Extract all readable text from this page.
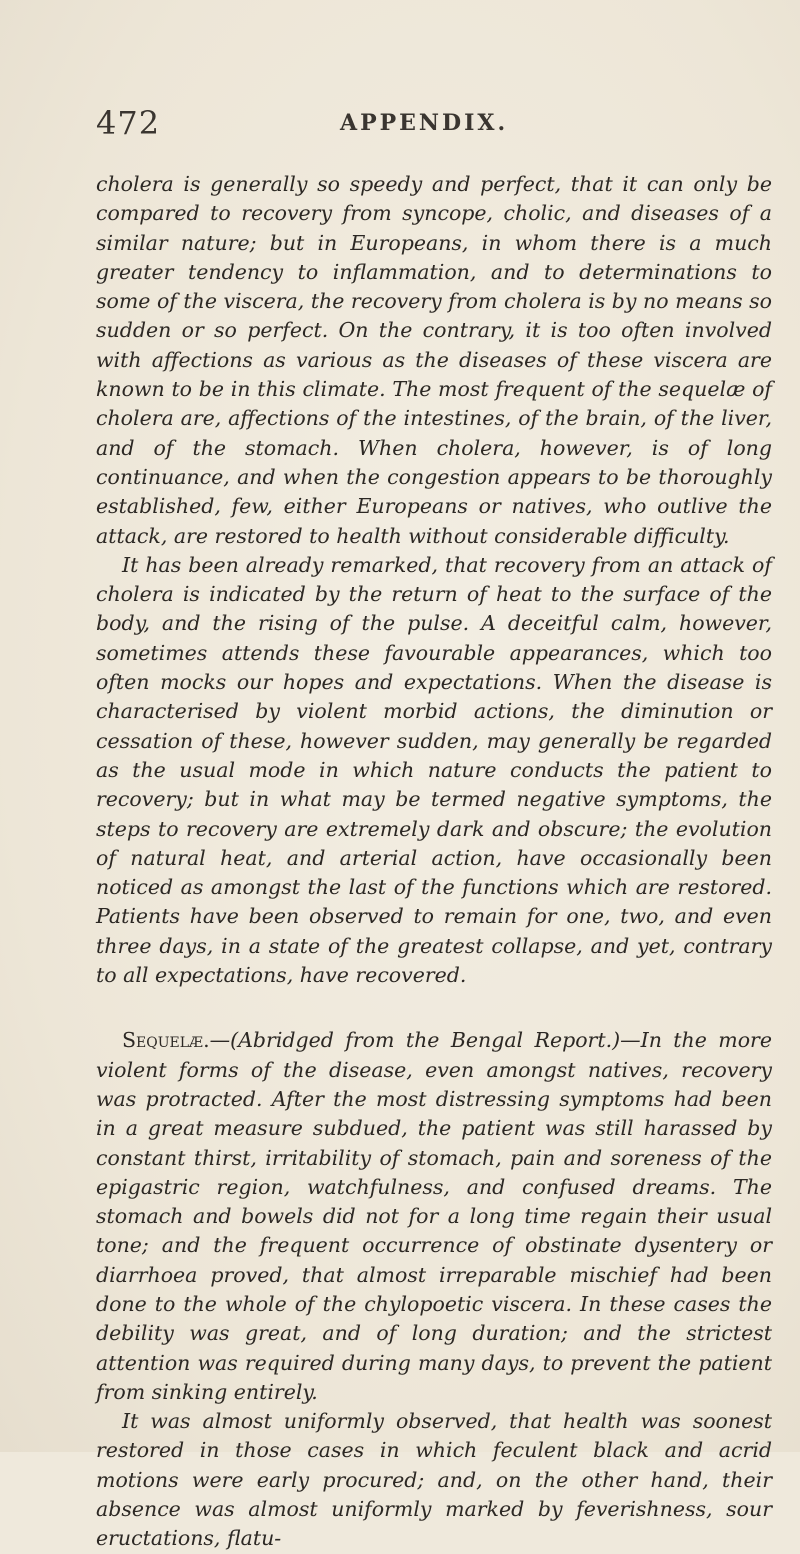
472	APPENDIX.

cholera is generally so speedy and perfect, that it can only be compared to recovery from syncope, cholic, and diseases of a similar nature; but in Europeans, in whom there is a much greater tendency to inflammation, and to determinations to some of the viscera, the recovery from cholera is by no means so sudden or so perfect. On the contrary, it is too often involved with affections as various as the diseases of these viscera are known to be in this climate. The most frequent of the sequelæ of cholera are, affections of the intestines, of the brain, of the liver, and of the stomach. When cholera, however, is of long continuance, and when the congestion appears to be thoroughly established, few, either Europeans or natives, who outlive the attack, are restored to health without considerable difficulty.

It has been already remarked, that recovery from an attack of cholera is indicated by the return of heat to the surface of the body, and the rising of the pulse. A deceitful calm, however, sometimes attends these favourable appearances, which too often mocks our hopes and expectations. When the disease is characterised by violent morbid actions, the diminution or cessation of these, however sudden, may generally be regarded as the usual mode in which nature conducts the patient to recovery; but in what may be termed negative symptoms, the steps to recovery are extremely dark and obscure; the evolution of natural heat, and arterial action, have occasionally been noticed as amongst the last of the functions which are restored. Patients have been observed to remain for one, two, and even three days, in a state of the greatest collapse, and yet, contrary to all expectations, have recovered.

Sequelæ.—(Abridged from the Bengal Report.)—In the more violent forms of the disease, even amongst natives, recovery was protracted. After the most distressing symptoms had been in a great measure subdued, the patient was still harassed by constant thirst, irritability of stomach, pain and soreness of the epigastric region, watchfulness, and confused dreams. The stomach and bowels did not for a long time regain their usual tone; and the frequent occurrence of obstinate dysentery or diarrhoea proved, that almost irreparable mischief had been done to the whole of the chylopoetic viscera. In these cases the debility was great, and of long duration; and the strictest attention was required during many days, to prevent the patient from sinking entirely.

It was almost uniformly observed, that health was soonest restored in those cases in which feculent black and acrid motions were early procured; and, on the other hand, their absence was almost uniformly marked by feverishness, sour eructations, flatu-
